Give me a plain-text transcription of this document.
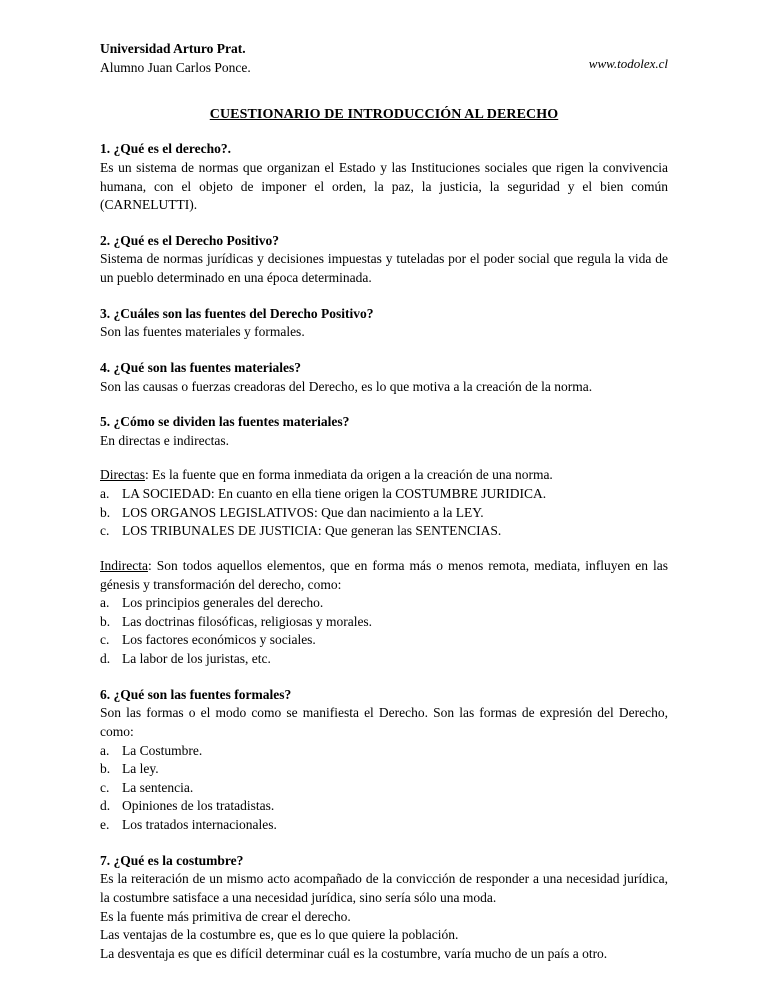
Universidad Arturo Prat.
Alumno Juan Carlos Ponce.	www.todolex.cl
CUESTIONARIO DE INTRODUCCIÓN AL DERECHO

1. ¿Qué es el derecho?.

Es un sistema de normas que organizan el Estado y las Instituciones sociales que rigen la convivencia humana, con el objeto de imponer el orden, la paz, la justicia, la seguridad y el bien común (CARNELUTTI).

2. ¿Qué es el Derecho Positivo?

Sistema de normas jurídicas y decisiones impuestas y tuteladas por el poder social que regula la vida de un pueblo determinado en una época determinada.

3. ¿Cuáles son las fuentes del Derecho Positivo?

Son las fuentes materiales y formales.

4. ¿Qué son las fuentes materiales?

Son las causas o fuerzas creadoras del Derecho, es lo que motiva a la creación de la norma.

5. ¿Cómo se dividen las fuentes materiales?

En directas e indirectas.

Directas: Es la fuente que en forma inmediata da origen a la creación de una norma.

a. LA SOCIEDAD: En cuanto en ella tiene origen la COSTUMBRE JURIDICA.
b. LOS ORGANOS LEGISLATIVOS: Que dan nacimiento a la LEY.
c. LOS TRIBUNALES DE JUSTICIA: Que generan las SENTENCIAS.

Indirecta: Son todos aquellos elementos, que en forma más o menos remota, mediata, influyen en las génesis y transformación del derecho, como:

a. Los principios generales del derecho.
b. Las doctrinas filosóficas, religiosas y morales.
c. Los factores económicos y sociales.
d. La labor de los juristas, etc.

6. ¿Qué son las fuentes formales?

Son las formas o el modo como se manifiesta el Derecho. Son las formas de expresión del Derecho, como:

a. La Costumbre.
b. La ley.
c. La sentencia.
d. Opiniones de los tratadistas.
e. Los tratados internacionales.

7. ¿Qué es la costumbre?

Es la reiteración de un mismo acto acompañado de la convicción de responder a una necesidad jurídica, la costumbre satisface a una necesidad jurídica, sino sería sólo una moda.

Es la fuente más primitiva de crear el derecho.

Las ventajas de la costumbre es, que es lo que quiere la población.

La desventaja es que es difícil determinar cuál es la costumbre, varía mucho de un país a otro.
